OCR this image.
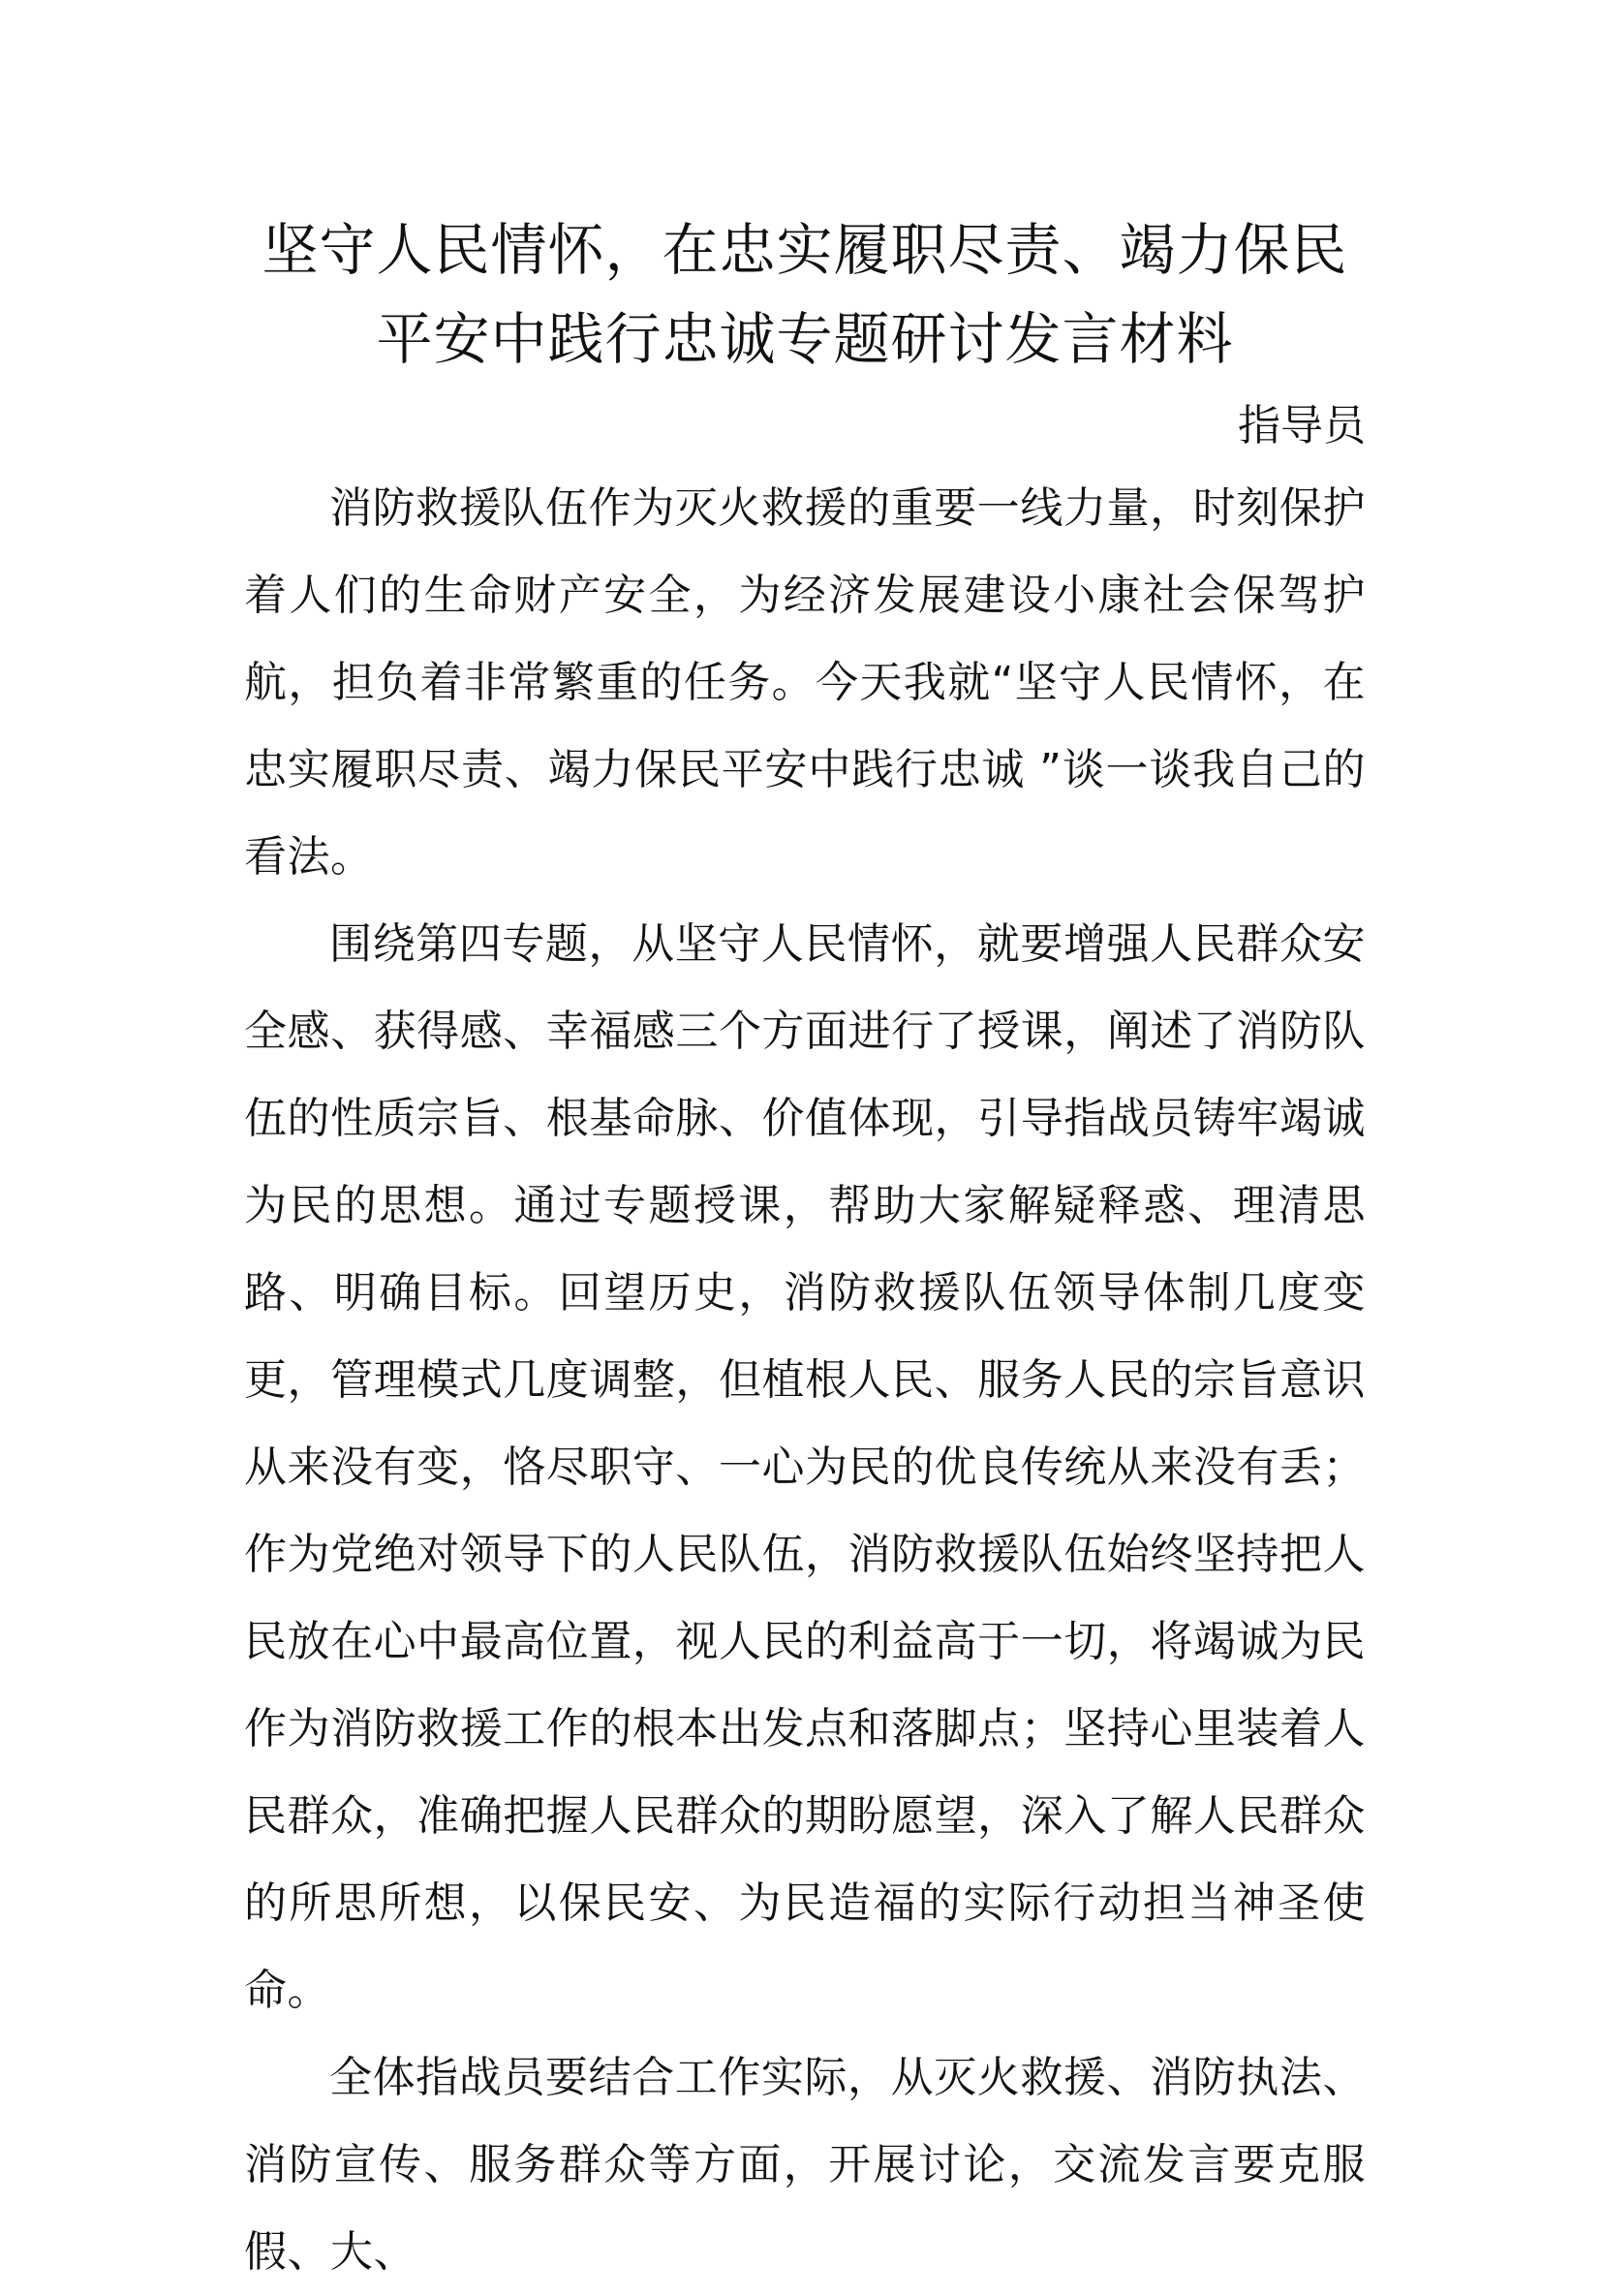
坚守人民情怀，在忠实履职尽责、竭力保民
平安中践行忠诚专题研讨发言材料

指导员

消防救援队伍作为灭火救援的重要一线力量，时刻保护着人们的生命财产安全，为经济发展建设小康社会保驾护航，担负着非常繁重的任务。今天我就“坚守人民情怀，在忠实履职尽责、竭力保民平安中践行忠诚 ”谈一谈我自己的看法。

围绕第四专题，从坚守人民情怀，就要增强人民群众安全感、获得感、幸福感三个方面进行了授课，阐述了消防队伍的性质宗旨、根基命脉、价值体现，引导指战员铸牢竭诚为民的思想。通过专题授课，帮助大家解疑释惑、理清思路、明确目标。回望历史，消防救援队伍领导体制几度变更，管理模式几度调整，但植根人民、服务人民的宗旨意识从来没有变，恪尽职守、一心为民的优良传统从来没有丢；作为党绝对领导下的人民队伍，消防救援队伍始终坚持把人民放在心中最高位置，视人民的利益高于一切，将竭诚为民作为消防救援工作的根本出发点和落脚点；坚持心里装着人民群众，准确把握人民群众的期盼愿望，深入了解人民群众的所思所想，以保民安、为民造福的实际行动担当神圣使命。

全体指战员要结合工作实际，从灭火救援、消防执法、消防宣传、服务群众等方面，开展讨论，交流发言要克服假、大、
